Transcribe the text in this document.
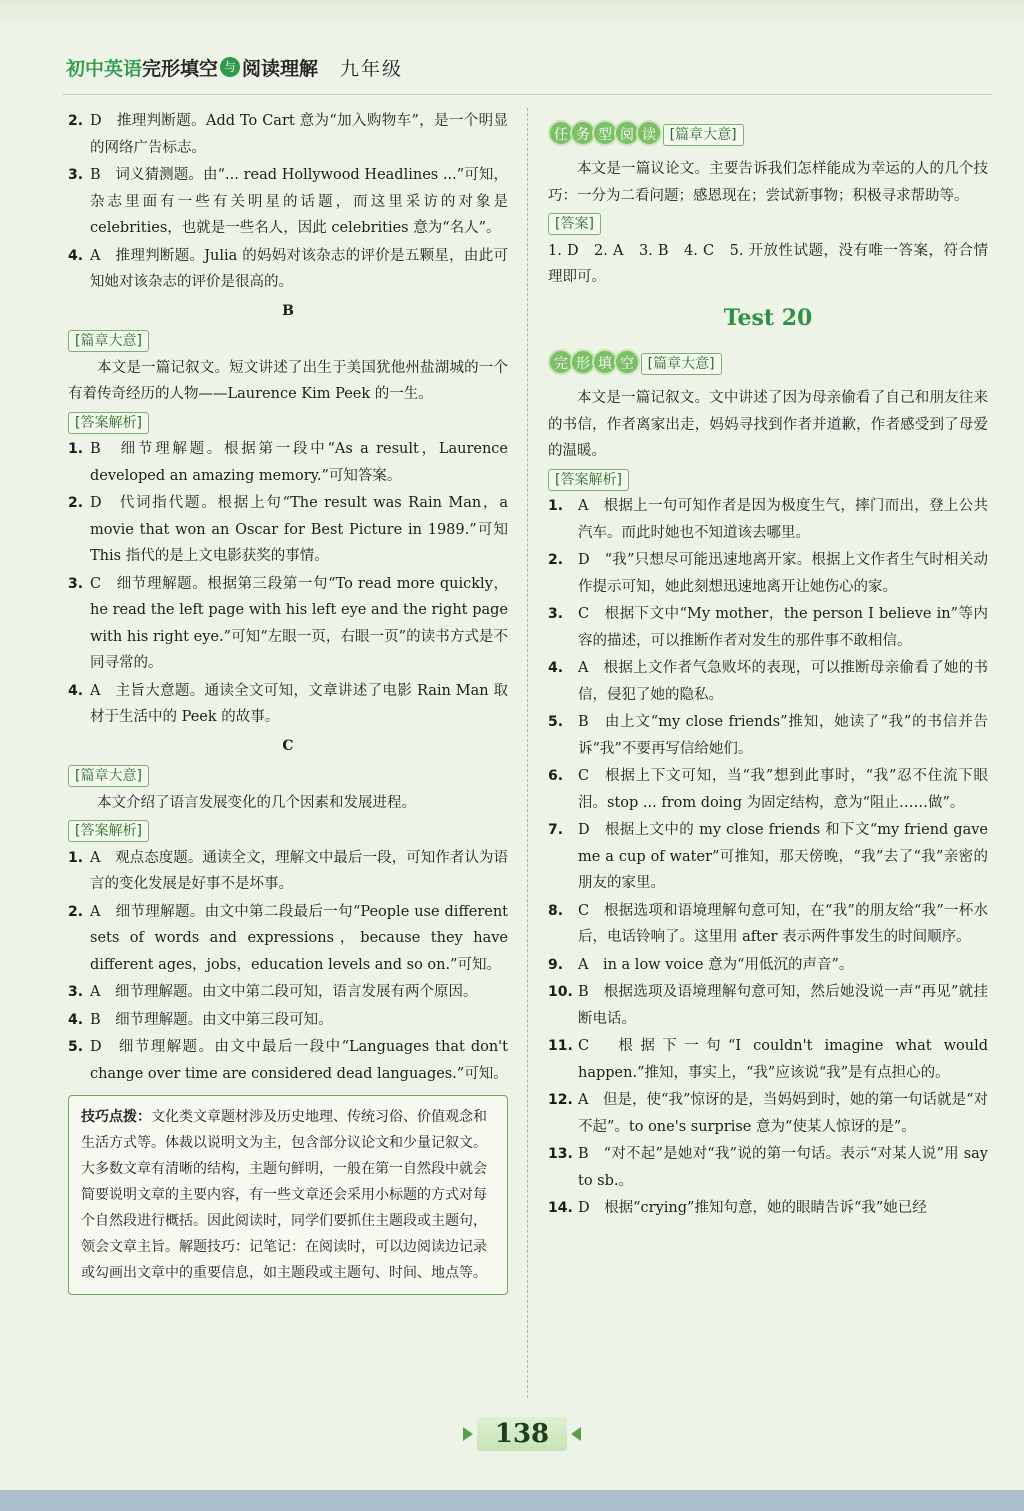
初中英语 完形填空 与 阅读理解 九年级
2. D　推理判断题。Add To Cart 意为“加入购物车”，是一个明显的网络广告标志。
3. B　词义猜测题。由“... read Hollywood Headlines ...”可知，杂志里面有一些有关明星的话题，而这里采访的对象是celebrities，也就是一些名人，因此 celebrities 意为“名人”。
4. A　推理判断题。Julia 的妈妈对该杂志的评价是五颗星，由此可知她对该杂志的评价是很高的。
B
[篇章大意]

本文是一篇记叙文。短文讲述了出生于美国犹他州盐湖城的一个有着传奇经历的人物——Laurence Kim Peek 的一生。

[答案解析]
1. B　细节理解题。根据第一段中“As a result，Laurence developed an amazing memory.”可知答案。
2. D　代词指代题。根据上句“The result was Rain Man，a movie that won an Oscar for Best Picture in 1989.”可知 This 指代的是上文电影获奖的事情。
3. C　细节理解题。根据第三段第一句“To read more quickly，he read the left page with his left eye and the right page with his right eye.”可知“左眼一页，右眼一页”的读书方式是不同寻常的。
4. A　主旨大意题。通读全文可知，文章讲述了电影 Rain Man 取材于生活中的 Peek 的故事。
C
[篇章大意]

本文介绍了语言发展变化的几个因素和发展进程。

[答案解析]
1. A　观点态度题。通读全文，理解文中最后一段，可知作者认为语言的变化发展是好事不是坏事。
2. A　细节理解题。由文中第二段最后一句“People use different sets of words and expressions，because they have different ages，jobs，education levels and so on.”可知。
3. A　细节理解题。由文中第二段可知，语言发展有两个原因。
4. B　细节理解题。由文中第三段可知。
5. D　细节理解题。由文中最后一段中“Languages that don't change over time are considered dead languages.”可知。
技巧点拨：文化类文章题材涉及历史地理、传统习俗、价值观念和生活方式等。体裁以说明文为主，包含部分议论文和少量记叙文。大多数文章有清晰的结构，主题句鲜明，一般在第一自然段中就会简要说明文章的主要内容，有一些文章还会采用小标题的方式对每个自然段进行概括。因此阅读时，同学们要抓住主题段或主题句，领会文章主旨。解题技巧：记笔记：在阅读时，可以边阅读边记录或勾画出文章中的重要信息，如主题段或主题句、时间、地点等。
任 务 型 阅 读 [篇章大意]

本文是一篇议论文。主要告诉我们怎样能成为幸运的人的几个技巧：一分为二看问题；感恩现在；尝试新事物；积极寻求帮助等。

[答案]
1. D　2. A　3. B　4. C　5. 开放性试题，没有唯一答案，符合情理即可。
Test 20
完 形 填 空 [篇章大意]

本文是一篇记叙文。文中讲述了因为母亲偷看了自己和朋友往来的书信，作者离家出走，妈妈寻找到作者并道歉，作者感受到了母爱的温暖。

[答案解析]
1.	A　根据上一句可知作者是因为极度生气，摔门而出，登上公共汽车。而此时她也不知道该去哪里。
2.	D　“我”只想尽可能迅速地离开家。根据上文作者生气时相关动作提示可知，她此刻想迅速地离开让她伤心的家。
3.	C　根据下文中“My mother，the person I believe in”等内容的描述，可以推断作者对发生的那件事不敢相信。
4.	A　根据上文作者气急败坏的表现，可以推断母亲偷看了她的书信，侵犯了她的隐私。
5.	B　由上文“my close friends”推知，她读了“我”的书信并告诉“我”不要再写信给她们。
6.	C　根据上下文可知，当“我”想到此事时，“我”忍不住流下眼泪。stop ... from doing 为固定结构，意为“阻止……做”。
7.	D　根据上文中的 my close friends 和下文“my friend gave me a cup of water”可推知，那天傍晚，“我”去了“我”亲密的朋友的家里。
8.	C　根据选项和语境理解句意可知，在“我”的朋友给“我”一杯水后，电话铃响了。这里用 after 表示两件事发生的时间顺序。
9.	A　in a low voice 意为“用低沉的声音”。
10. B　根据选项及语境理解句意可知，然后她没说一声“再见”就挂断电话。
11. C　根据下一句“I couldn't imagine what would happen.”推知，事实上，“我”应该说“我”是有点担心的。
12. A　但是，使“我”惊讶的是，当妈妈到时，她的第一句话就是“对不起”。to one's surprise 意为“使某人惊讶的是”。
13. B　“对不起”是她对“我”说的第一句话。表示“对某人说”用 say to sb.。
14. D　根据“crying”推知句意，她的眼睛告诉“我”她已经
138
